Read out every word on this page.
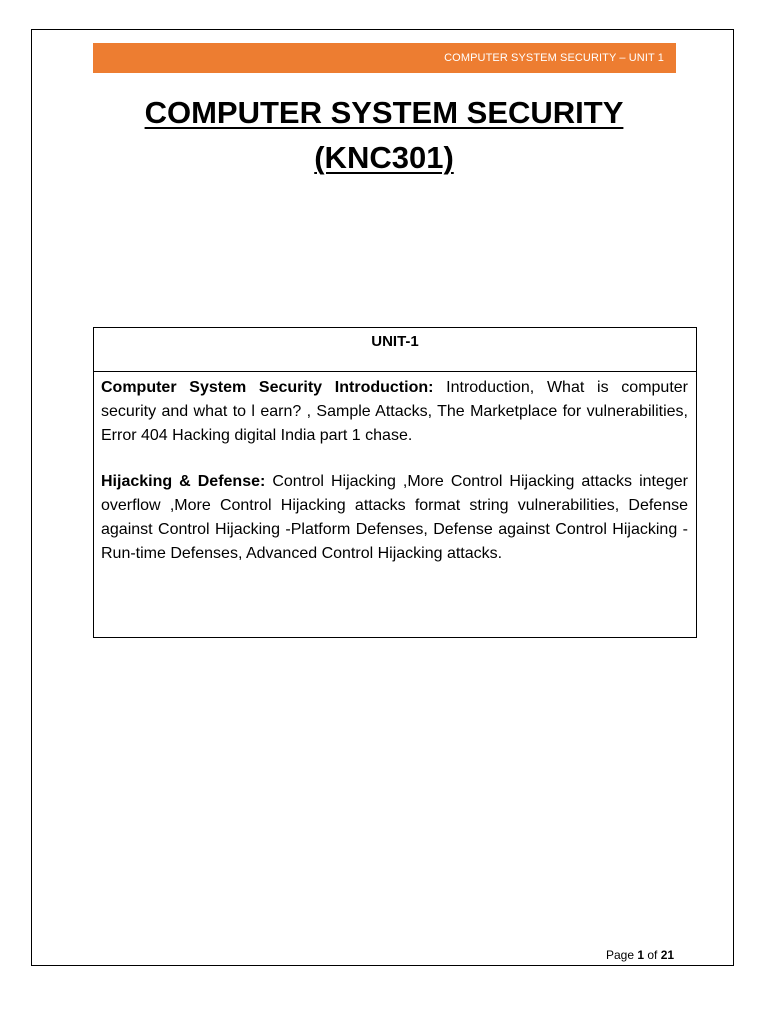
COMPUTER SYSTEM SECURITY – UNIT 1
COMPUTER SYSTEM SECURITY
(KNC301)
UNIT-1

Computer System Security Introduction: Introduction, What is computer security and what to l earn? , Sample Attacks, The Marketplace for vulnerabilities, Error 404 Hacking digital India part 1 chase.

Hijacking & Defense: Control Hijacking ,More Control Hijacking attacks integer overflow ,More Control Hijacking attacks format string vulnerabilities, Defense against Control Hijacking -Platform Defenses, Defense against Control Hijacking - Run-time Defenses, Advanced Control Hijacking attacks.

Page 1 of 21
